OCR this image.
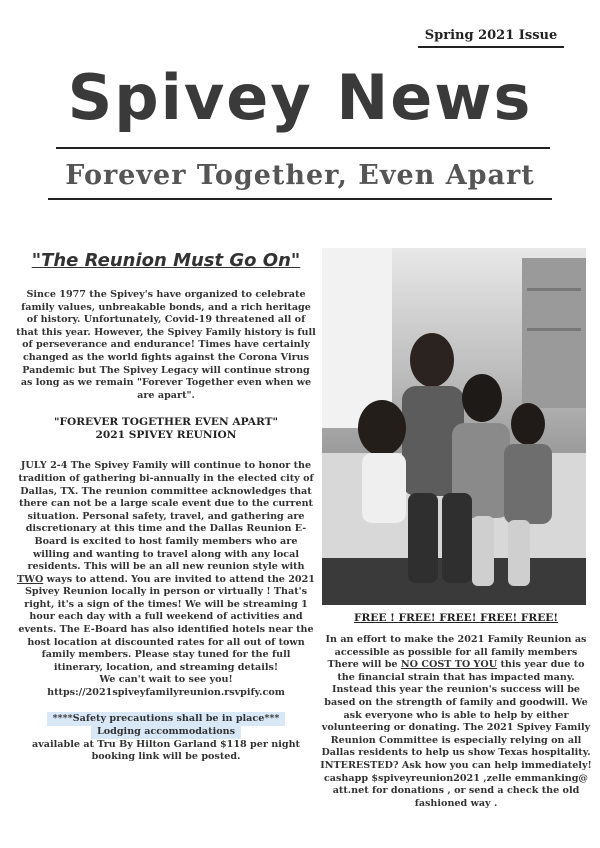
Spring 2021 Issue
Spivey News
Forever Together, Even Apart
"The Reunion Must Go On"

Since 1977 the Spivey's have organized to celebrate family values, unbreakable bonds, and a rich heritage of history. Unfortunately, Covid-19 threatened all of that this year. However, the Spivey Family history is full of perseverance and endurance! Times have certainly changed as the world fights against the Corona Virus Pandemic but The Spivey Legacy will continue strong as long as we remain "Forever Together even when we are apart".

"FOREVER TOGETHER EVEN APART"
2021 SPIVEY REUNION

JULY 2-4 The Spivey Family will continue to honor the tradition of gathering bi-annually in the elected city of Dallas, TX. The reunion committee acknowledges that there can not be a large scale event due to the current situation. Personal safety, travel, and gathering are discretionary at this time and the Dallas Reunion E-Board is excited to host family members who are willing and wanting to travel along with any local residents. This will be an all new reunion style with TWO ways to attend. You are invited to attend the 2021 Spivey Reunion locally in person or virtually ! That's right, it's a sign of the times! We will be streaming 1 hour each day with a full weekend of activities and events. The E-Board has also identified hotels near the host location at discounted rates for all out of town family members. Please stay tuned for the full itinerary, location, and streaming details!
We can't wait to see you!
https://2021spiveyfamilyreunion.rsvpify.com

****Safety precautions shall be in place***
Lodging accommodations
available at Tru By Hilton Garland $118 per night booking link will be posted.
FREE ! FREE! FREE! FREE! FREE!

In an effort to make the 2021 Family Reunion as accessible as possible for all family members There will be NO COST TO YOU this year due to the financial strain that has impacted many. Instead this year the reunion's success will be based on the strength of family and goodwill. We ask everyone who is able to help by either volunteering or donating. The 2021 Spivey Family Reunion Committee is especially relying on all Dallas residents to help us show Texas hospitality. INTERESTED? Ask how you can help immediately! cashapp $spiveyreunion2021 ,zelle emmanking@ att.net for donations , or send a check the old fashioned way .
